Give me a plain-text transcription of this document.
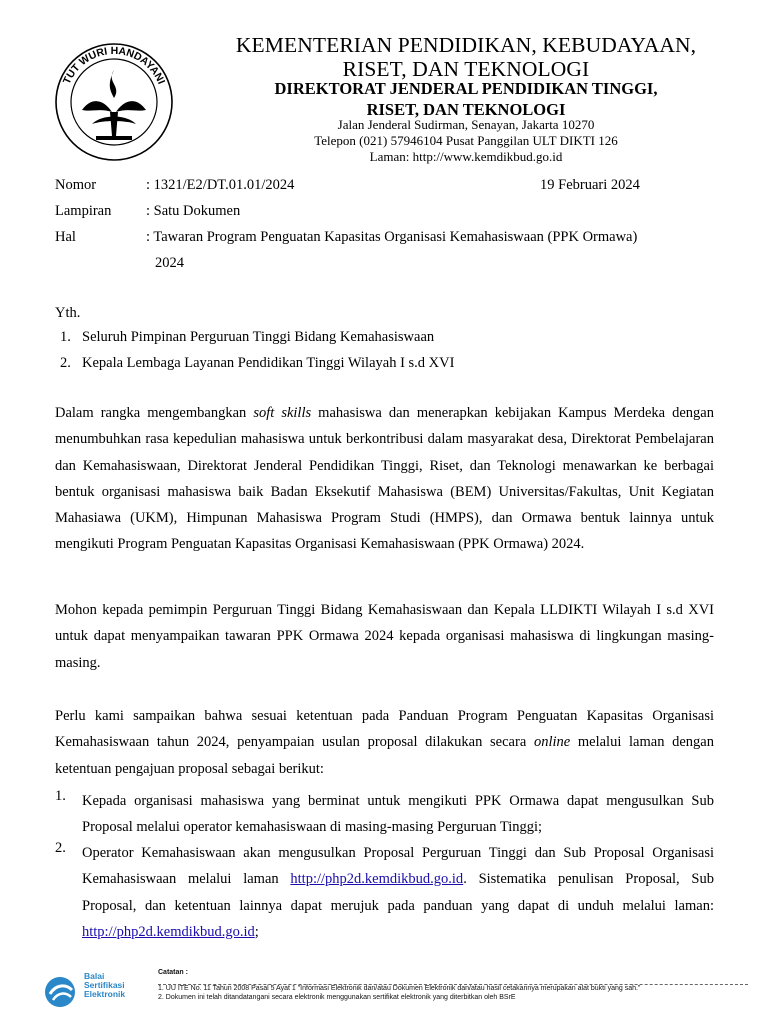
TUT WURI HANDAYANI
KEMENTERIAN PENDIDIKAN, KEBUDAYAAN,
RISET, DAN TEKNOLOGI
DIREKTORAT JENDERAL PENDIDIKAN TINGGI,
RISET, DAN TEKNOLOGI
Jalan Jenderal Sudirman, Senayan, Jakarta 10270
Telepon (021) 57946104 Pusat Panggilan ULT DIKTI 126
Laman: http://www.kemdikbud.go.id
Nomor	: 1321/E2/DT.01.01/2024	19 Februari 2024
Lampiran : Satu Dokumen
Hal	: Tawaran Program Penguatan Kapasitas Organisasi Kemahasiswaan (PPK Ormawa)
2024
Yth.
1. Seluruh Pimpinan Perguruan Tinggi Bidang Kemahasiswaan
2. Kepala Lembaga Layanan Pendidikan Tinggi Wilayah I s.d XVI
Dalam rangka mengembangkan soft skills mahasiswa dan menerapkan kebijakan Kampus Merdeka dengan menumbuhkan rasa kepedulian mahasiswa untuk berkontribusi dalam masyarakat desa, Direktorat Pembelajaran dan Kemahasiswaan, Direktorat Jenderal Pendidikan Tinggi, Riset, dan Teknologi menawarkan ke berbagai bentuk organisasi mahasiswa baik Badan Eksekutif Mahasiswa (BEM) Universitas/Fakultas, Unit Kegiatan Mahasiawa (UKM), Himpunan Mahasiswa Program Studi (HMPS), dan Ormawa bentuk lainnya untuk mengikuti Program Penguatan Kapasitas Organisasi Kemahasiswaan (PPK Ormawa) 2024.
Mohon kepada pemimpin Perguruan Tinggi Bidang Kemahasiswaan dan Kepala LLDIKTI Wilayah I s.d XVI untuk dapat menyampaikan tawaran PPK Ormawa 2024 kepada organisasi mahasiswa di lingkungan masing-masing.
Perlu kami sampaikan bahwa sesuai ketentuan pada Panduan Program Penguatan Kapasitas Organisasi Kemahasiswaan tahun 2024, penyampaian usulan proposal dilakukan secara online melalui laman dengan ketentuan pengajuan proposal sebagai berikut:
1. Kepada organisasi mahasiswa yang berminat untuk mengikuti PPK Ormawa dapat mengusulkan Sub Proposal melalui operator kemahasiswaan di masing-masing Perguruan Tinggi;
2. Operator Kemahasiswaan akan mengusulkan Proposal Perguruan Tinggi dan Sub Proposal Organisasi Kemahasiswaan melalui laman http://php2d.kemdikbud.go.id. Sistematika penulisan Proposal, Sub Proposal, dan ketentuan lainnya dapat merujuk pada panduan yang dapat di unduh melalui laman: http://php2d.kemdikbud.go.id;
Balai
Sertifikasi
Elektronik
Catatan :
1. UU ITE No. 11 Tahun 2008 Pasal 5 Ayat 1 "Informasi Elektronik dan/atau Dokumen Elektronik dan/atau hasil cetakannya merupakan alat bukti yang sah."
2. Dokumen ini telah ditandatangani secara elektronik menggunakan sertifikat elektronik yang diterbitkan oleh BSrE
